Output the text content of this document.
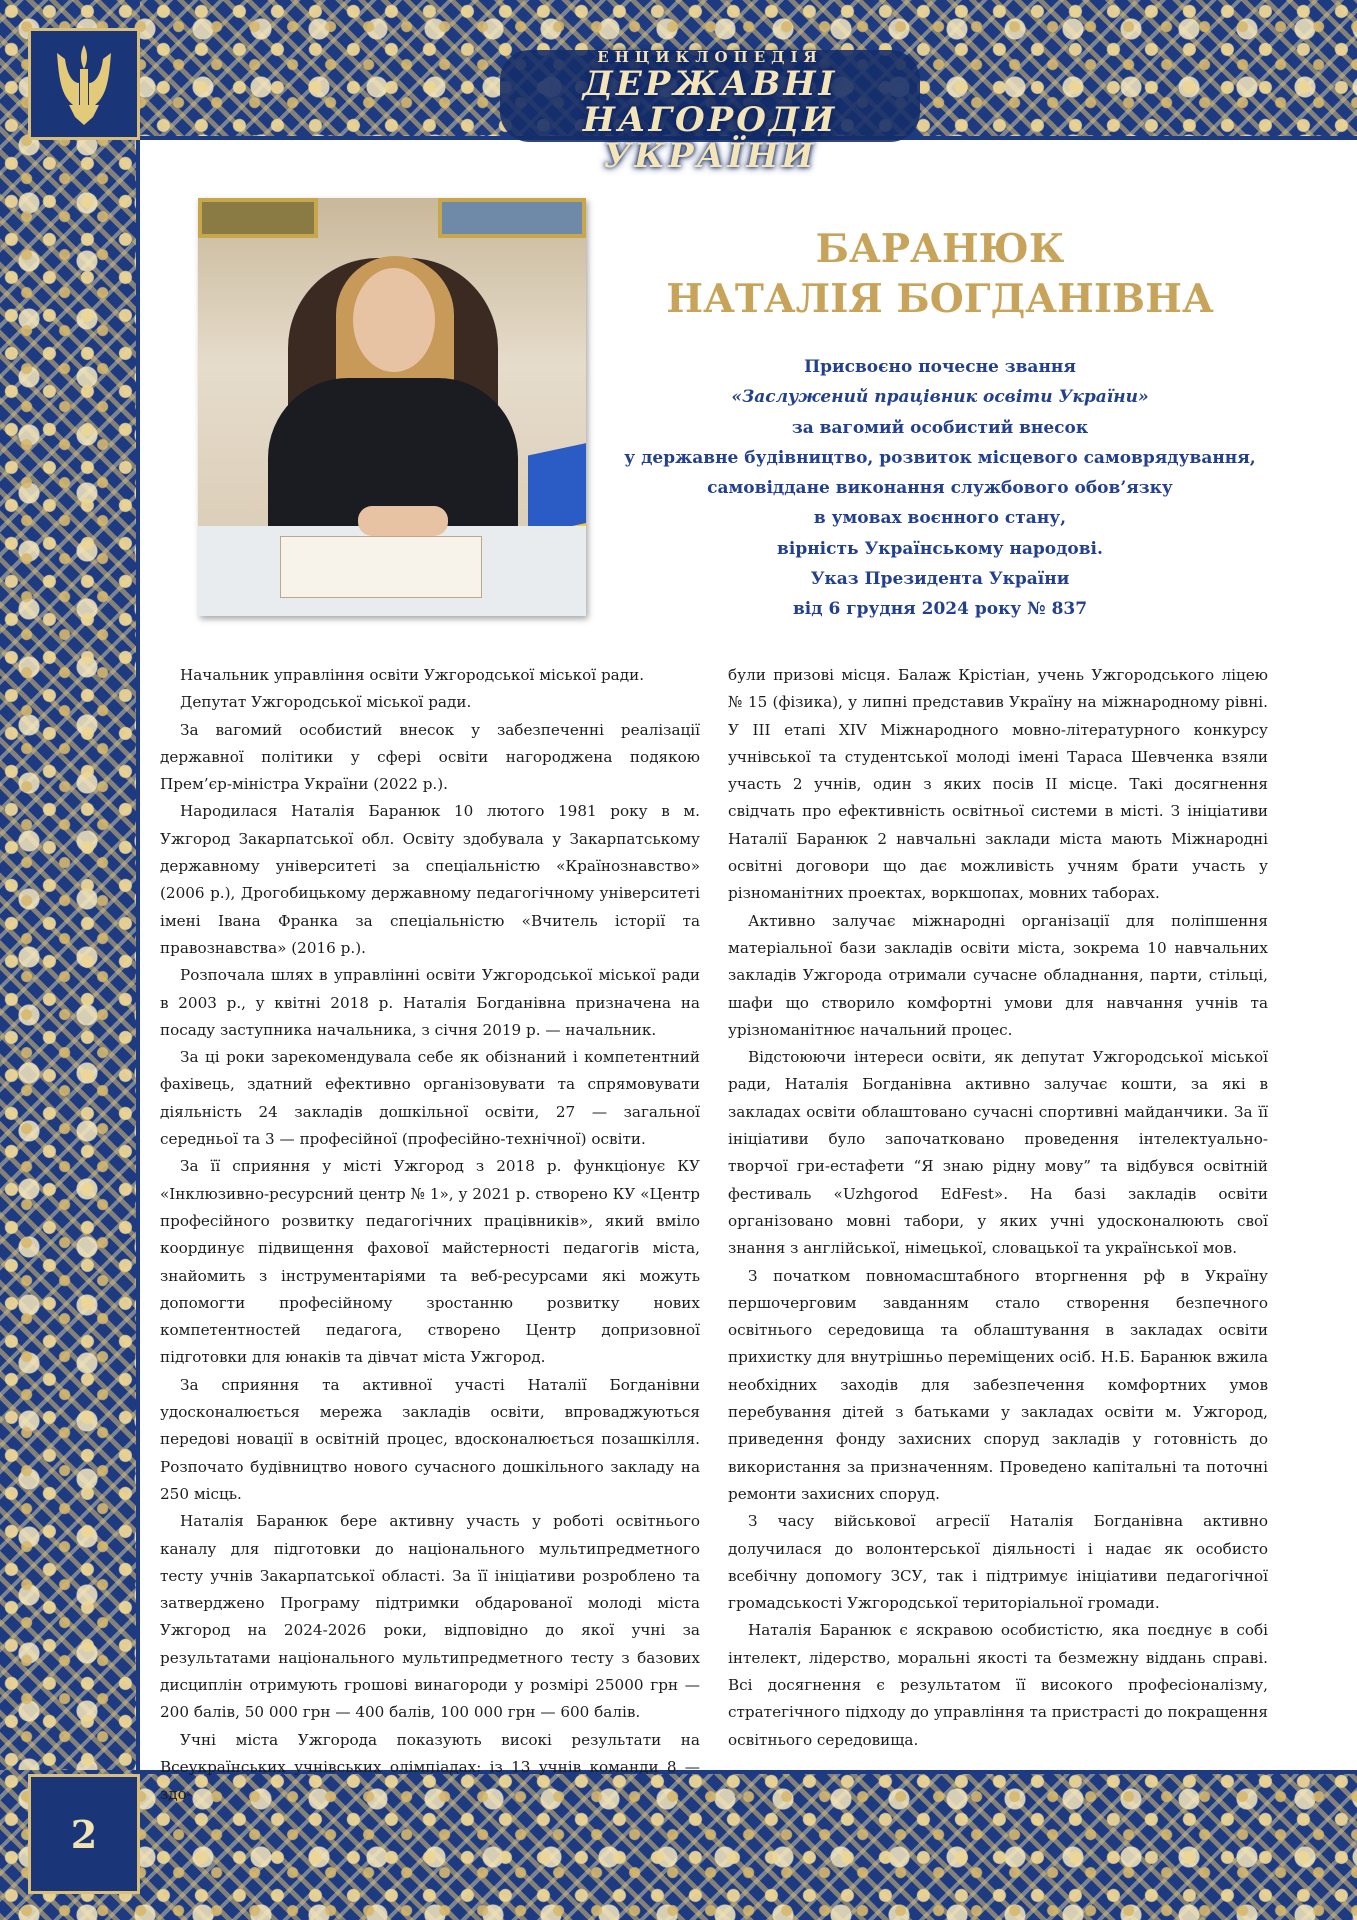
ЕНЦИКЛОПЕДІЯ
ДЕРЖАВНІ НАГОРОДИ
УКРАЇНИ
2
БАРАНЮК
НАТАЛІЯ БОГДАНІВНА
Присвоєно почесне звання
«Заслужений працівник освіти України»
за вагомий особистий внесок
у державне будівництво, розвиток місцевого самоврядування,
самовіддане виконання службового обов’язку
в умовах воєнного стану,
вірність Українському народові.
Указ Президента України
від 6 грудня 2024 року № 837

Начальник управління освіти Ужгородської міської ради.

Депутат Ужгородської міської ради.

За вагомий особистий внесок у забезпеченні реалізації державної політики у сфері освіти нагороджена подякою Прем’єр-міністра України (2022 р.).

Народилася Наталія Баранюк 10 лютого 1981 року в м. Ужгород Закарпатської обл. Освіту здобувала у Закарпатському державному університеті за спеціальністю «Країнознавство» (2006 р.), Дрогобицькому державному педагогічному університеті імені Івана Франка за спеціальністю «Вчитель історії та правознавства» (2016 р.).

Розпочала шлях в управлінні освіти Ужгородської міської ради в 2003 р., у квітні 2018 р. Наталія Богданівна призначена на посаду заступника начальника, з січня 2019 р. — начальник.

За ці роки зарекомендувала себе як обізнаний і компетентний фахівець, здатний ефективно організовувати та спрямовувати діяльність 24 закладів дошкільної освіти, 27 — загальної середньої та 3 — професійної (професійно-технічної) освіти.

За її сприяння у місті Ужгород з 2018 р. функціонує КУ «Інклюзивно-ресурсний центр № 1», у 2021 р. створено КУ «Центр професійного розвитку педагогічних працівників», який вміло координує підвищення фахової майстерності педагогів міста, знайомить з інструментаріями та веб-ресурсами які можуть допомогти професійному зростанню розвитку нових компетентностей педагога, створено Центр допризовної підготовки для юнаків та дівчат міста Ужгород.

За сприяння та активної участі Наталії Богданівни удосконалюється мережа закладів освіти, впроваджуються передові новації в освітній процес, вдосконалюється позашкілля. Розпочато будівництво нового сучасного дошкільного закладу на 250 місць.

Наталія Баранюк бере активну участь у роботі освітнього каналу для підготовки до національного мультипредметного тесту учнів Закарпатської області. За її ініціативи розроблено та затверджено Програму підтримки обдарованої молоді міста Ужгород на 2024-2026 роки, відповідно до якої учні за результатами національного мультипредметного тесту з базових дисциплін отримують грошові винагороди у розмірі 25000 грн — 200 балів, 50 000 грн — 400 балів, 100 000 грн — 600 балів.

Учні міста Ужгорода показують високі результати на Всеукраїнських учнівських олімпіадах: із 13 учнів команди 8 — здо-

були призові місця. Балаж Крістіан, учень Ужгородського ліцею № 15 (фізика), у липні представив Україну на міжнародному рівні. У ІІІ етапі XIV Міжнародного мовно-літературного конкурсу учнівської та студентської молоді імені Тараса Шевченка взяли участь 2 учнів, один з яких посів ІІ місце. Такі досягнення свідчать про ефективність освітньої системи в місті. З ініціативи Наталії Баранюк 2 навчальні заклади міста мають Міжнародні освітні договори що дає можливість учням брати участь у різноманітних проектах, воркшопах, мовних таборах.

Активно залучає міжнародні організації для поліпшення матеріальної бази закладів освіти міста, зокрема 10 навчальних закладів Ужгорода отримали сучасне обладнання, парти, стільці, шафи що створило комфортні умови для навчання учнів та урізноманітнює начальний процес.

Відстоюючи інтереси освіти, як депутат Ужгородської міської ради, Наталія Богданівна активно залучає кошти, за які в закладах освіти облаштовано сучасні спортивні майданчики. За її ініціативи було започатковано проведення інтелектуально-творчої гри-естафети “Я знаю рідну мову” та відбувся освітній фестиваль «Uzhgorod EdFest». На базі закладів освіти організовано мовні табори, у яких учні удосконалюють свої знання з англійської, німецької, словацької та української мов.

З початком повномасштабного вторгнення рф в Україну першочерговим завданням стало створення безпечного освітнього середовища та облаштування в закладах освіти прихистку для внутрішньо переміщених осіб. Н.Б. Баранюк вжила необхідних заходів для забезпечення комфортних умов перебування дітей з батьками у закладах освіти м. Ужгород, приведення фонду захисних споруд закладів у готовність до використання за призначенням. Проведено капітальні та поточні ремонти захисних споруд.

З часу військової агресії Наталія Богданівна активно долучилася до волонтерської діяльності і надає як особисто всебічну допомогу ЗСУ, так і підтримує ініціативи педагогічної громадськості Ужгородської територіальної громади.

Наталія Баранюк є яскравою особистістю, яка поєднує в собі інтелект, лідерство, моральні якості та безмежну віддань справі. Всі досягнення є результатом її високого професіоналізму, стратегічного підходу до управління та пристрасті до покращення освітнього середовища.
